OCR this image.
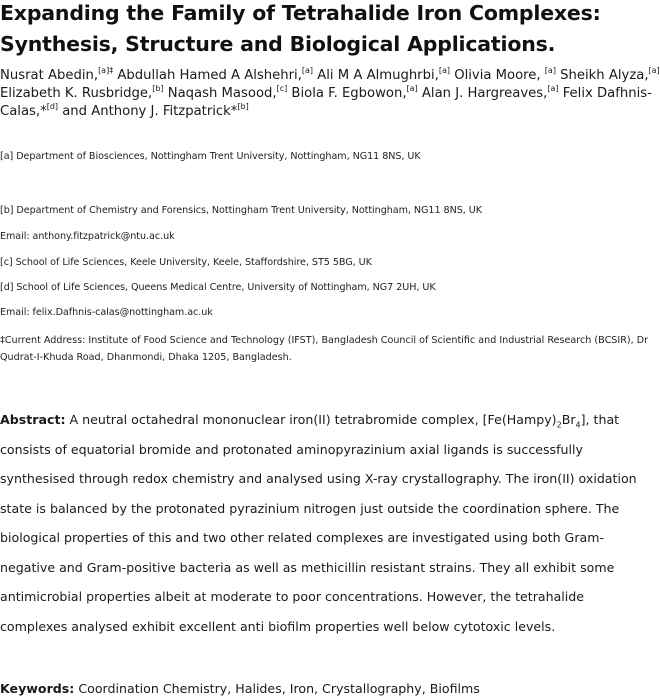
Expanding the Family of Tetrahalide Iron Complexes:
Synthesis, Structure and Biological Applications.
Nusrat Abedin,$^{[a]\ddagger}$ Abdullah Hamed A Alshehri,[a] Ali M A Almughrbi,[a] Olivia Moore, [a] Sheikh Alyza,[a]
Elizabeth K. Rusbridge,[b] Naqash Masood,[c] Biola F. Egbowon,[a] Alan J. Hargreaves,[a] Felix Dafhnis-
Calas,*[d] and Anthony J. Fitzpatrick*[b]
[a] Department of Biosciences, Nottingham Trent University, Nottingham, NG11 8NS, UK
[b] Department of Chemistry and Forensics, Nottingham Trent University, Nottingham, NG11 8NS, UK
Email: anthony.fitzpatrick@ntu.ac.uk
[c] School of Life Sciences, Keele University, Keele, Staffordshire, ST5 5BG, UK
[d] School of Life Sciences, Queens Medical Centre, University of Nottingham, NG7 2UH, UK
Email: felix.Dafhnis-calas@nottingham.ac.uk
‡Current Address: Institute of Food Science and Technology (IFST), Bangladesh Council of Scientific and Industrial Research (BCSIR), Dr
Qudrat-I-Khuda Road, Dhanmondi, Dhaka 1205, Bangladesh.
Abstract: A neutral octahedral mononuclear iron(II) tetrabromide complex, $[Fe(Hampy)_2Br_4]$, that
consists of equatorial bromide and protonated aminopyrazinium axial ligands is successfully
synthesised through redox chemistry and analysed using X-ray crystallography. The iron(II) oxidation
state is balanced by the protonated pyrazinium nitrogen just outside the coordination sphere. The
biological properties of this and two other related complexes are investigated using both Gram-
negative and Gram-positive bacteria as well as methicillin resistant strains. They all exhibit some
antimicrobial properties albeit at moderate to poor concentrations. However, the tetrahalide
complexes analysed exhibit excellent anti biofilm properties well below cytotoxic levels.
Keywords: Coordination Chemistry, Halides, Iron, Crystallography, Biofilms
